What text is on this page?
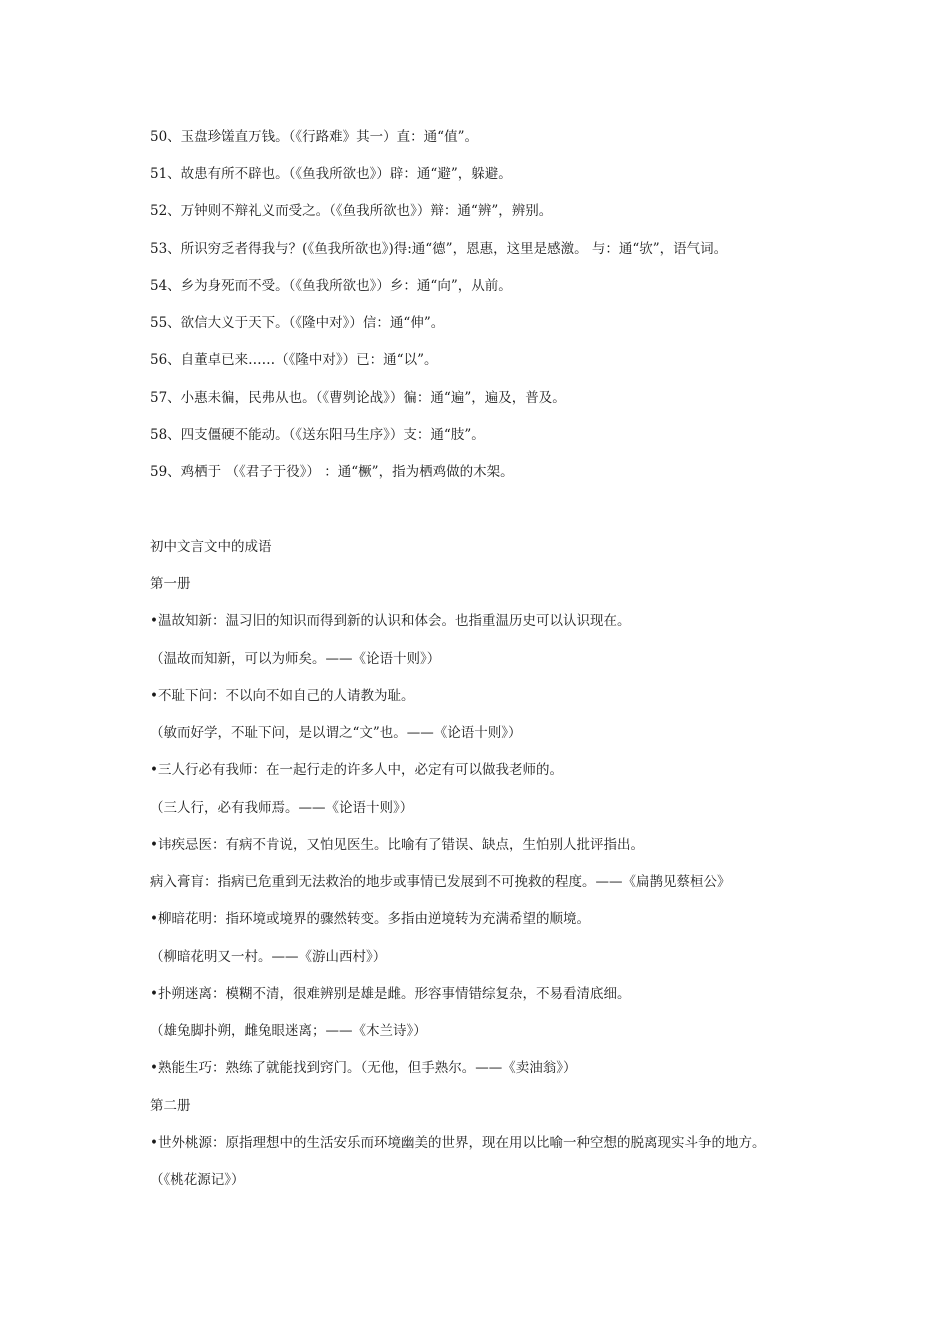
50、玉盘珍馐直万钱。（《行路难》其一）直：通“值”。
51、故患有所不辟也。（《鱼我所欲也》）辟：通“避”，躲避。
52、万钟则不辩礼义而受之。（《鱼我所欲也》）辩：通“辨”，辨别。
53、所识穷乏者得我与？(《鱼我所欲也》)得:通“德”，恩惠，这里是感激。 与：通“欤”，语气词。
54、乡为身死而不受。（《鱼我所欲也》）乡：通“向”，从前。
55、欲信大义于天下。（《隆中对》）信：通“伸”。
56、自董卓已来……（《隆中对》）已：通“以”。
57、小惠未徧，民弗从也。（《曹刿论战》）徧：通“遍”，遍及，普及。
58、四支僵硬不能动。（《送东阳马生序》）支：通“肢”。
59、鸡栖于 （《君子于役》） ：通“橛”，指为栖鸡做的木架。
初中文言文中的成语
第一册
•温故知新：温习旧的知识而得到新的认识和体会。也指重温历史可以认识现在。
（温故而知新，可以为师矣。——《论语十则》）
•不耻下问：不以向不如自己的人请教为耻。
（敏而好学，不耻下问，是以谓之“文”也。——《论语十则》）
•三人行必有我师：在一起行走的许多人中，必定有可以做我老师的。
（三人行，必有我师焉。——《论语十则》）
•讳疾忌医：有病不肯说，又怕见医生。比喻有了错误、缺点，生怕别人批评指出。
病入膏肓：指病已危重到无法救治的地步或事情已发展到不可挽救的程度。——《扁鹊见蔡桓公》
•柳暗花明：指环境或境界的骤然转变。多指由逆境转为充满希望的顺境。
（柳暗花明又一村。——《游山西村》）
•扑朔迷离：模糊不清，很难辨别是雄是雌。形容事情错综复杂，不易看清底细。
（雄兔脚扑朔，雌兔眼迷离；——《木兰诗》）
•熟能生巧：熟练了就能找到窍门。（无他，但手熟尔。——《卖油翁》）
第二册
•世外桃源：原指理想中的生活安乐而环境幽美的世界，现在用以比喻一种空想的脱离现实斗争的地方。
（《桃花源记》）
